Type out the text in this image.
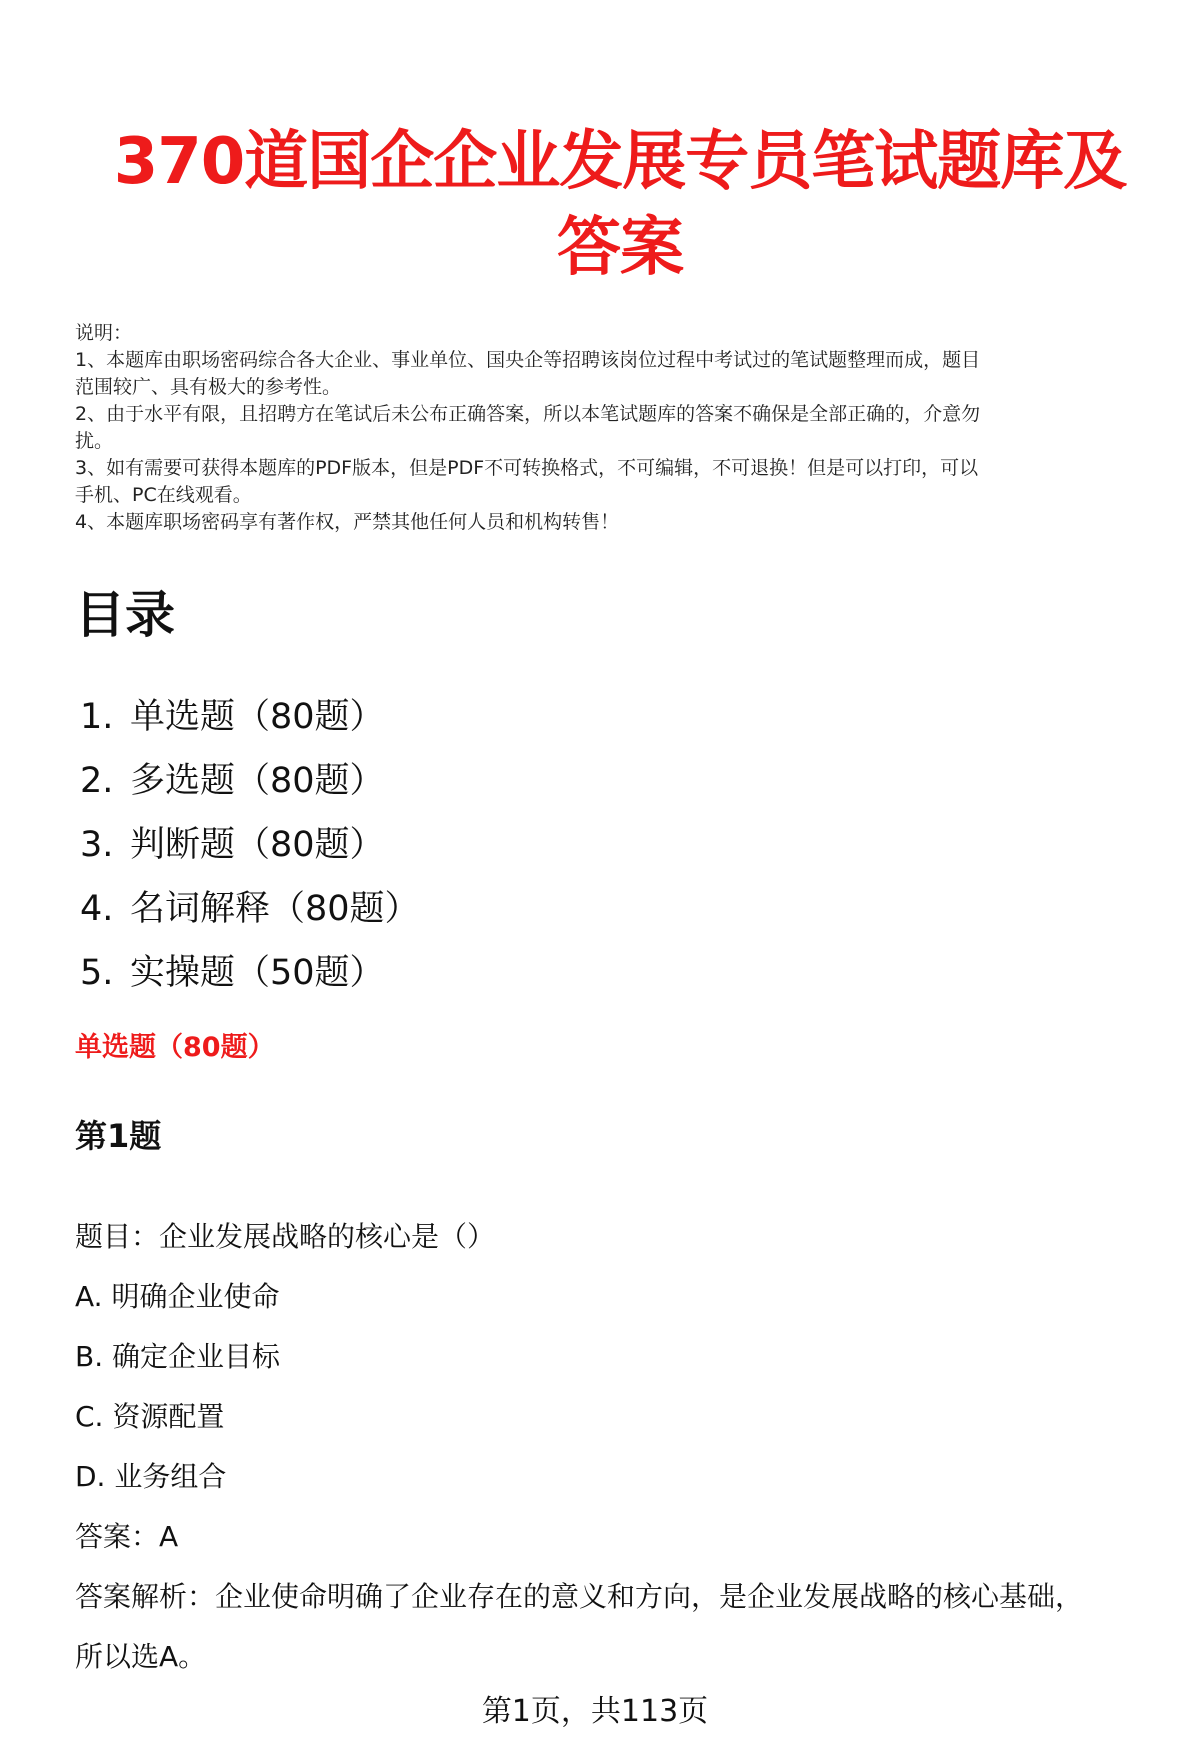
370道国企企业发展专员笔试题库及
答案
说明：
1、本题库由职场密码综合各大企业、事业单位、国央企等招聘该岗位过程中考试过的笔试题整理而成，题目
范围较广、具有极大的参考性。
2、由于水平有限，且招聘方在笔试后未公布正确答案，所以本笔试题库的答案不确保是全部正确的，介意勿
扰。
3、如有需要可获得本题库的PDF版本，但是PDF不可转换格式，不可编辑，不可退换！但是可以打印，可以
手机、PC在线观看。
4、本题库职场密码享有著作权，严禁其他任何人员和机构转售！
目录
1. 单选题（80题）
2. 多选题（80题）
3. 判断题（80题）
4. 名词解释（80题）
5. 实操题（50题）
单选题（80题）
第1题
题目：企业发展战略的核心是（）
A. 明确企业使命
B. 确定企业目标
C. 资源配置
D. 业务组合
答案：A
答案解析：企业使命明确了企业存在的意义和方向，是企业发展战略的核心基础，
所以选A。
第1页，共113页
